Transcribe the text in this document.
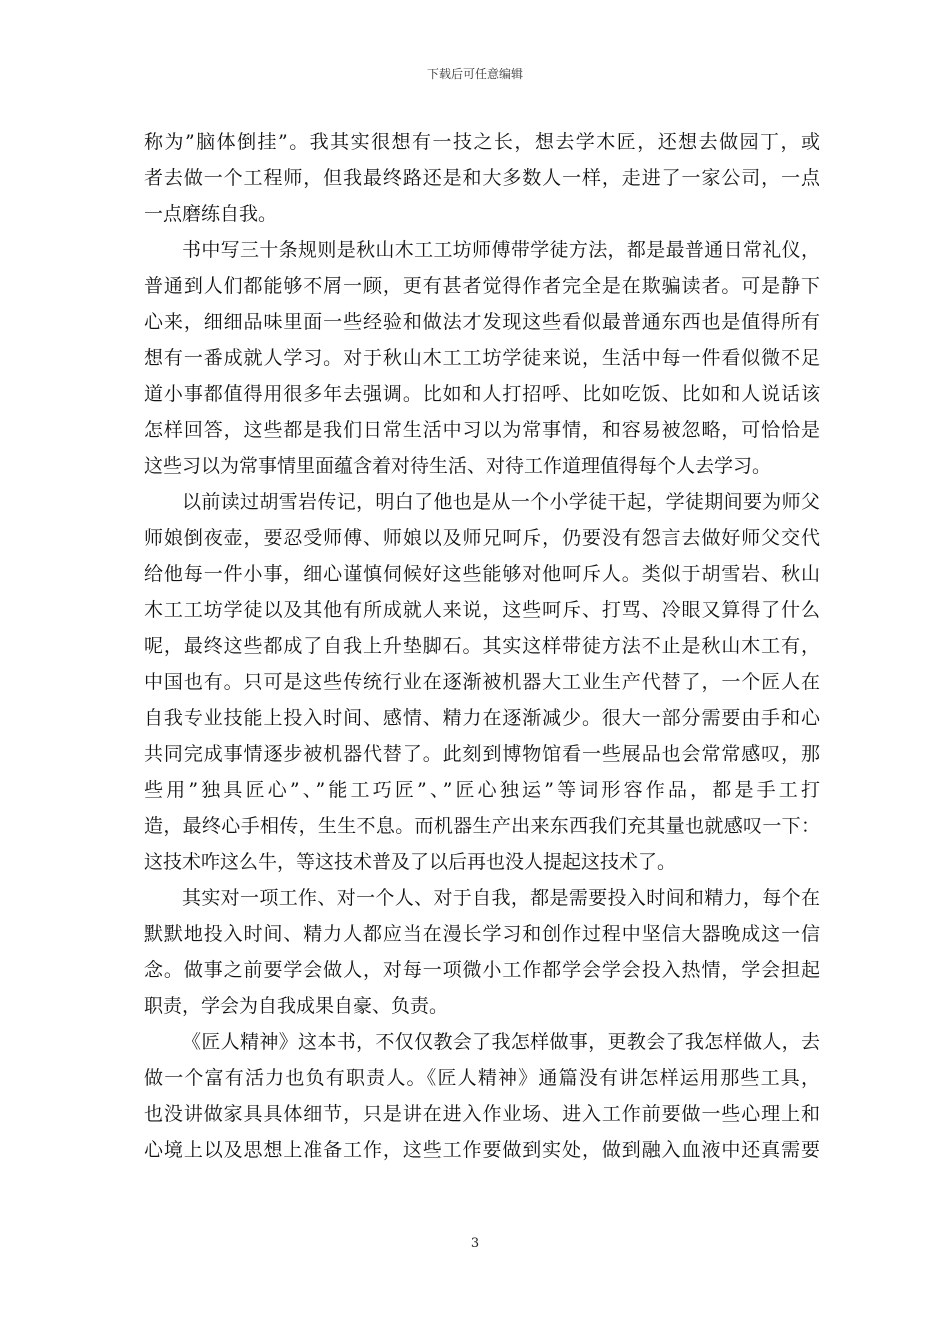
下载后可任意编辑
称为”脑体倒挂”。我其实很想有一技之长，想去学木匠，还想去做园丁，或
者去做一个工程师，但我最终路还是和大多数人一样，走进了一家公司，一点
一点磨练自我。
书中写三十条规则是秋山木工工坊师傅带学徒方法，都是最普通日常礼仪，
普通到人们都能够不屑一顾，更有甚者觉得作者完全是在欺骗读者。可是静下
心来，细细品味里面一些经验和做法才发现这些看似最普通东西也是值得所有
想有一番成就人学习。对于秋山木工工坊学徒来说，生活中每一件看似微不足
道小事都值得用很多年去强调。比如和人打招呼、比如吃饭、比如和人说话该
怎样回答，这些都是我们日常生活中习以为常事情，和容易被忽略，可恰恰是
这些习以为常事情里面蕴含着对待生活、对待工作道理值得每个人去学习。
以前读过胡雪岩传记，明白了他也是从一个小学徒干起，学徒期间要为师父
师娘倒夜壶，要忍受师傅、师娘以及师兄呵斥，仍要没有怨言去做好师父交代
给他每一件小事，细心谨慎伺候好这些能够对他呵斥人。类似于胡雪岩、秋山
木工工坊学徒以及其他有所成就人来说，这些呵斥、打骂、冷眼又算得了什么
呢，最终这些都成了自我上升垫脚石。其实这样带徒方法不止是秋山木工有，
中国也有。只可是这些传统行业在逐渐被机器大工业生产代替了，一个匠人在
自我专业技能上投入时间、感情、精力在逐渐减少。很大一部分需要由手和心
共同完成事情逐步被机器代替了。此刻到博物馆看一些展品也会常常感叹，那
些用”独具匠心”、”能工巧匠”、”匠心独运”等词形容作品，都是手工打
造，最终心手相传，生生不息。而机器生产出来东西我们充其量也就感叹一下：
这技术咋这么牛，等这技术普及了以后再也没人提起这技术了。
其实对一项工作、对一个人、对于自我，都是需要投入时间和精力，每个在
默默地投入时间、精力人都应当在漫长学习和创作过程中坚信大器晚成这一信
念。做事之前要学会做人，对每一项微小工作都学会学会投入热情，学会担起
职责，学会为自我成果自豪、负责。
《匠人精神》这本书，不仅仅教会了我怎样做事，更教会了我怎样做人，去
做一个富有活力也负有职责人。《匠人精神》通篇没有讲怎样运用那些工具，
也没讲做家具具体细节，只是讲在进入作业场、进入工作前要做一些心理上和
心境上以及思想上准备工作，这些工作要做到实处，做到融入血液中还真需要
3
